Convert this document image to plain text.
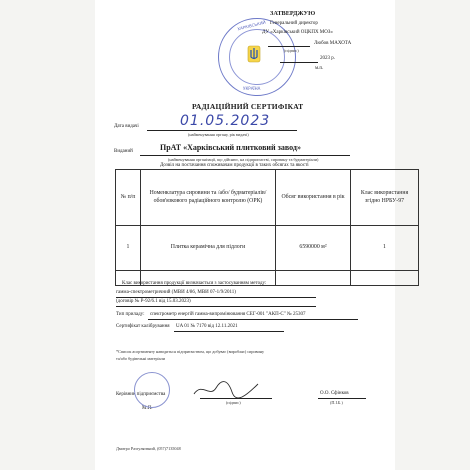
ХАРКІВСЬКИЙ
УКРАЇНА
ЗАТВЕРДЖУЮ
Генеральний директор
ДУ «Харківський ОЦКПХ МОЗ»
Любов МАХОТА
(підпис)
2023 р.
м.п.
РАДІАЦІЙНИЙ СЕРТИФІКАТ
Дата видачі	01.05.2023
(найменування органу, рік видачі)
Виданий	ПрАТ «Харківський плитковий завод»
(найменування організації, що дійснює, на підприємстві, сировину та будматеріали)
Дозвіл на постачання споживачам продукції в таких обсягах та якості
№ п/п	Номенклатура сировини та /або/ будматеріалів/ обов'язкового радіаційного контролю (ОРК)	Обсяг використання в рік	Клас використання згідно НРБУ-97
1	Плитка керамічна для підлоги	6590000 м²	1

Клас використання продукції визначається з застосуванням методу:
гамма-спектрометричний (МВИ 4/86, МВИ 07-1/9/2011)
(договір № Р-92/6.1 від 15.03.2023)
Тип приладу: спектрометр енергій гамма-випромінювання СЕГ-001 "АКП-С" № 25307
Сертифікат калібрування UA 01 № 7170 від 12.11.2021
*Список асортименту наводиться підприємством, що добуває (виробляє) сировину
та/або будівельні матеріали
Керівник підприємства
М.П.
(підпис)
О.О. Сфінков
(П.І.Б.)
Дмитро Разгуляєвний, (057)7135048
